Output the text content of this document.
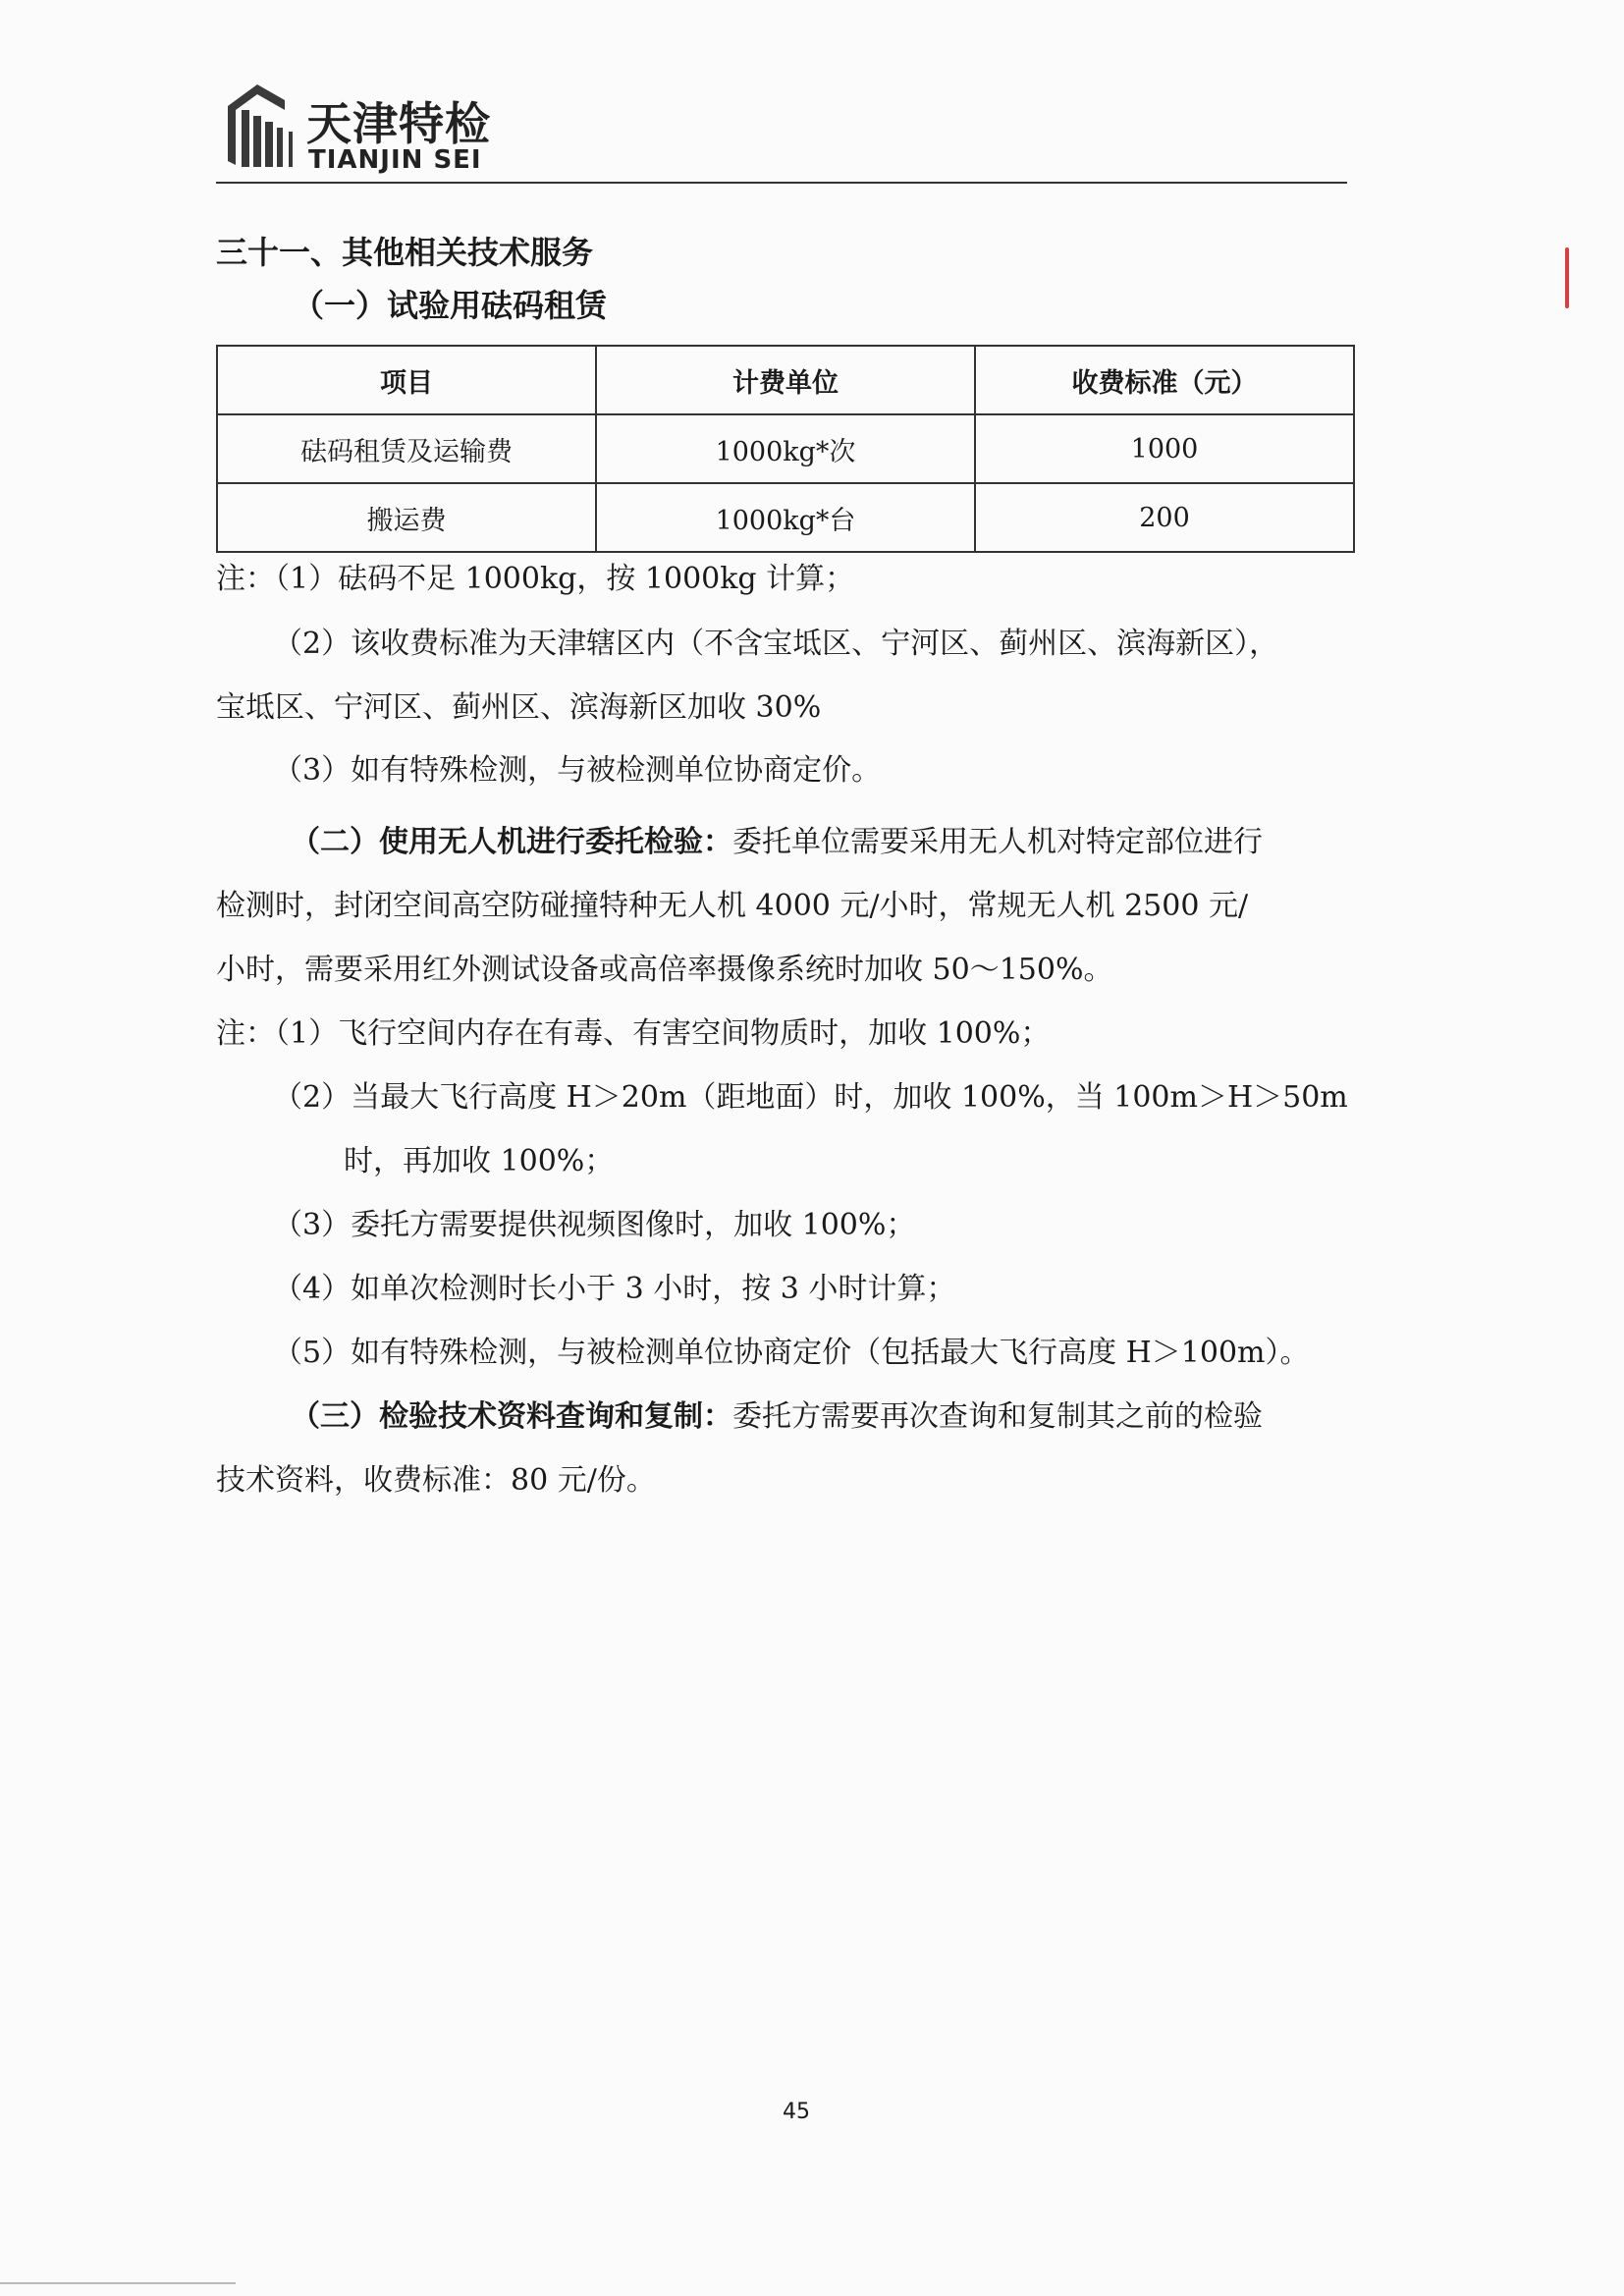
天津特检
TIANJIN SEI
三十一、其他相关技术服务
（一）试验用砝码租赁
项目	计费单位	收费标准（元）
砝码租赁及运输费	1000kg*次	1000
搬运费	1000kg*台	200
注：（1）砝码不足 1000kg，按 1000kg 计算；
（2）该收费标准为天津辖区内（不含宝坻区、宁河区、蓟州区、滨海新区），
宝坻区、宁河区、蓟州区、滨海新区加收 30%
（3）如有特殊检测，与被检测单位协商定价。
（二）使用无人机进行委托检验：委托单位需要采用无人机对特定部位进行
检测时，封闭空间高空防碰撞特种无人机 4000 元/小时，常规无人机 2500 元/
小时，需要采用红外测试设备或高倍率摄像系统时加收 50～150%。
注：（1）飞行空间内存在有毒、有害空间物质时，加收 100%；
（2）当最大飞行高度 H＞20m（距地面）时，加收 100%，当 100m＞H＞50m
时，再加收 100%；
（3）委托方需要提供视频图像时，加收 100%；
（4）如单次检测时长小于 3 小时，按 3 小时计算；
（5）如有特殊检测，与被检测单位协商定价（包括最大飞行高度 H＞100m）。
（三）检验技术资料查询和复制：委托方需要再次查询和复制其之前的检验
技术资料，收费标准：80 元/份。
45
